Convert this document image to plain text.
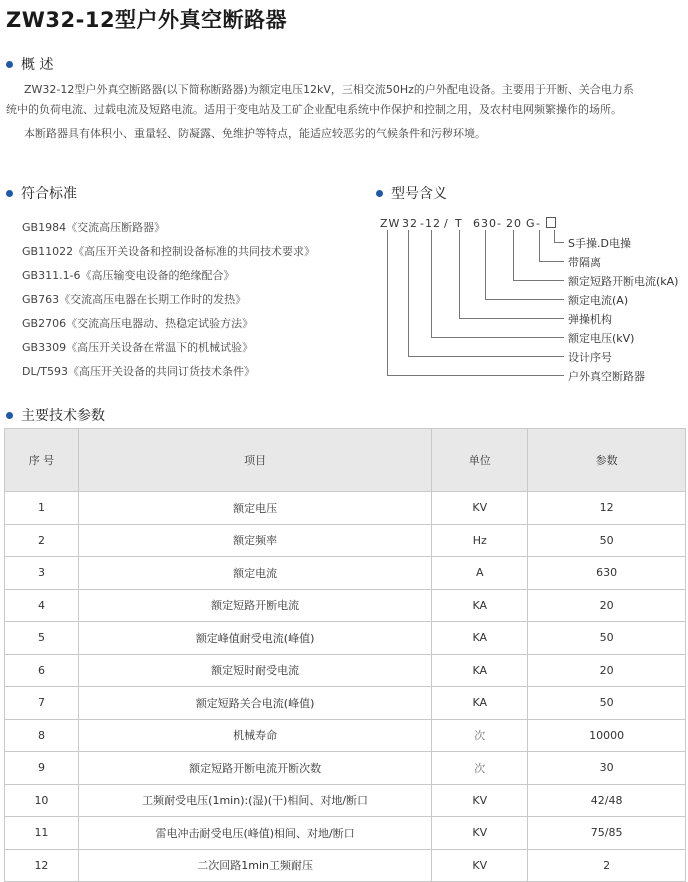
ZW32-12型户外真空断路器
概 述
ZW32-12型户外真空断路器(以下简称断路器)为额定电压12kV，三相交流50Hz的户外配电设备。主要用于开断、关合电力系
统中的负荷电流、过载电流及短路电流。适用于变电站及工矿企业配电系统中作保护和控制之用，及农村电网频繁操作的场所。
本断路器具有体积小、重量轻、防凝露、免维护等特点，能适应较恶劣的气候条件和污秽环境。
符合标准
GB1984《交流高压断路器》
GB11022《高压开关设备和控制设备标准的共同技术要求》
GB311.1-6《高压输变电设备的绝缘配合》
GB763《交流高压电器在长期工作时的发热》
GB2706《交流高压电器动、热稳定试验方法》
GB3309《高压开关设备在常温下的机械试验》
DL/T593《高压开关设备的共同订货技术条件》
型号含义
ZW 32 -12 / T 630- 20 G -
S手操.D电操
带隔离
额定短路开断电流(kA)
额定电流(A)
弹操机构
额定电压(kV)
设计序号
户外真空断路器
主要技术参数
序 号	项目	单位	参数
1	额定电压	KV	12
2	额定频率	Hz	50
3	额定电流	A	630
4	额定短路开断电流	KA	20
5	额定峰值耐受电流(峰值)	KA	50
6	额定短时耐受电流	KA	20
7	额定短路关合电流(峰值)	KA	50
8	机械寿命	次	10000
9	额定短路开断电流开断次数	次	30
10	工频耐受电压(1min):(湿)(干)相间、对地/断口	KV	42/48
11	雷电冲击耐受电压(峰值)相间、对地/断口	KV	75/85
12	二次回路1min工频耐压	KV	2
